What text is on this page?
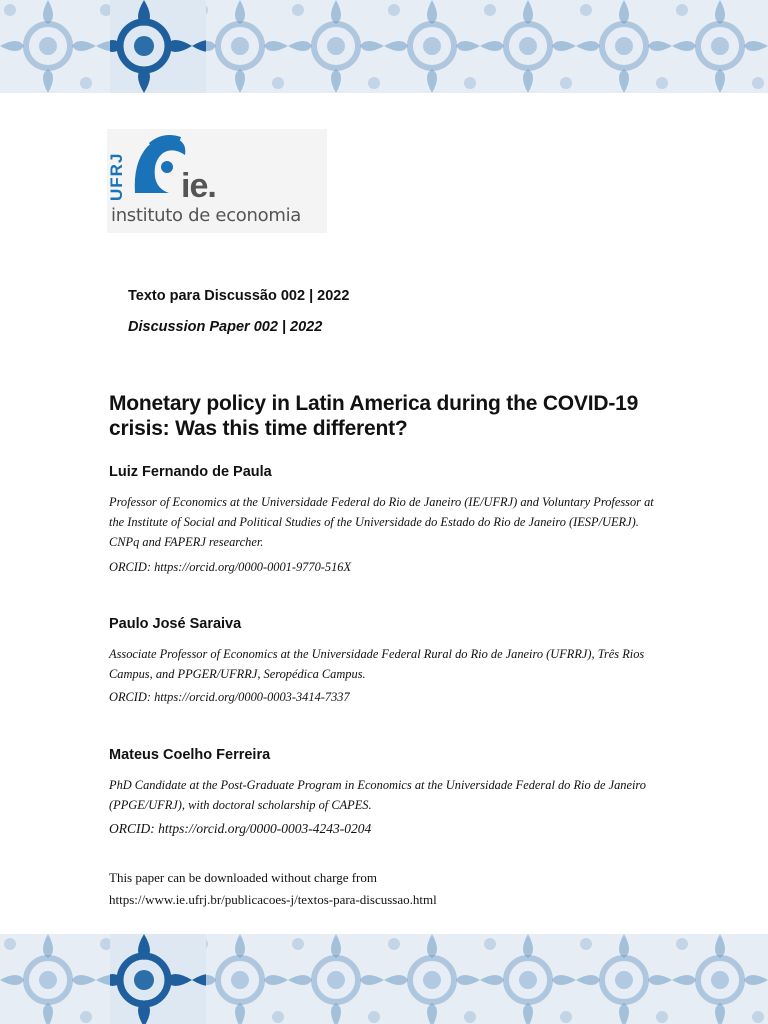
UFRJ ie.
instituto de economia
Texto para Discussão 002 | 2022
Discussion Paper 002 | 2022
Monetary policy in Latin America during the COVID-19 crisis: Was this time different?
Luiz Fernando de Paula
Professor of Economics at the Universidade Federal do Rio de Janeiro (IE/UFRJ) and Voluntary Professor at the Institute of Social and Political Studies of the Universidade do Estado do Rio de Janeiro (IESP/UERJ). CNPq and FAPERJ researcher.
ORCID: https://orcid.org/0000-0001-9770-516X
Paulo José Saraiva
Associate Professor of Economics at the Universidade Federal Rural do Rio de Janeiro (UFRRJ), Três Rios Campus, and PPGER/UFRRJ, Seropédica Campus.
ORCID: https://orcid.org/0000-0003-3414-7337
Mateus Coelho Ferreira
PhD Candidate at the Post-Graduate Program in Economics at the Universidade Federal do Rio de Janeiro (PPGE/UFRJ), with doctoral scholarship of CAPES.
ORCID: https://orcid.org/0000-0003-4243-0204
This paper can be downloaded without charge from
https://www.ie.ufrj.br/publicacoes-j/textos-para-discussao.html
